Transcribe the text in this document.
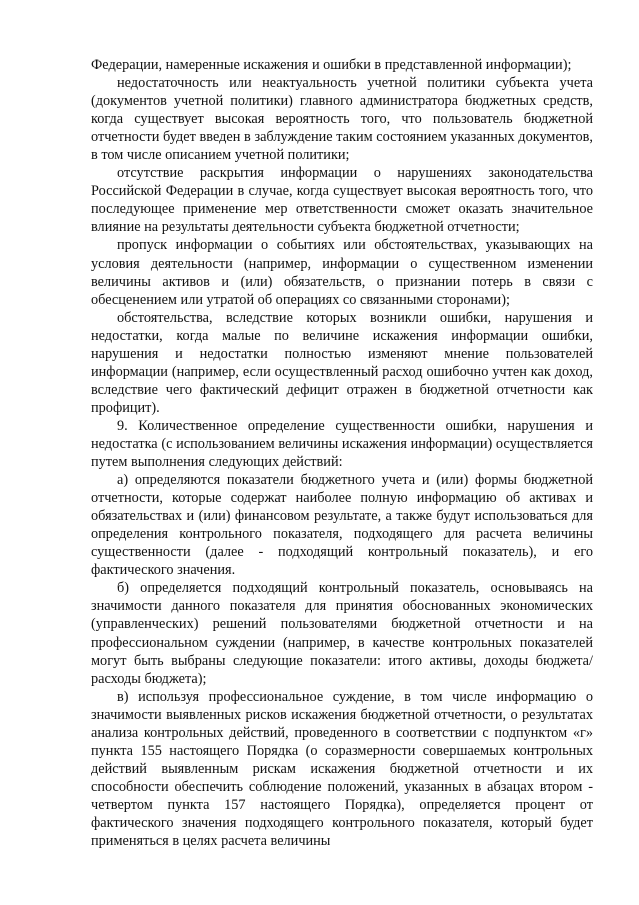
Федерации, намеренные искажения и ошибки в представленной информации);

недостаточность или неактуальность учетной политики субъекта учета (документов учетной политики) главного администратора бюджетных средств, когда существует высокая вероятность того, что пользователь бюджетной отчетности будет введен в заблуждение таким состоянием указанных документов, в том числе описанием учетной политики;

отсутствие раскрытия информации о нарушениях законодательства Российской Федерации в случае, когда существует высокая вероятность того, что последующее применение мер ответственности сможет оказать значительное влияние на результаты деятельности субъекта бюджетной отчетности;

пропуск информации о событиях или обстоятельствах, указывающих на условия деятельности (например, информации о существенном изменении величины активов и (или) обязательств, о признании потерь в связи с обесценением или утратой об операциях со связанными сторонами);

обстоятельства, вследствие которых возникли ошибки, нарушения и недостатки, когда малые по величине искажения информации ошибки, нарушения и недостатки полностью изменяют мнение пользователей информации (например, если осуществленный расход ошибочно учтен как доход, вследствие чего фактический дефицит отражен в бюджетной отчетности как профицит).

9. Количественное определение существенности ошибки, нарушения и недостатка (с использованием величины искажения информации) осуществляется путем выполнения следующих действий:

а) определяются показатели бюджетного учета и (или) формы бюджетной отчетности, которые содержат наиболее полную информацию об активах и обязательствах и (или) финансовом результате, а также будут использоваться для определения контрольного показателя, подходящего для расчета величины существенности (далее - подходящий контрольный показатель), и его фактического значения.

б) определяется подходящий контрольный показатель, основываясь на значимости данного показателя для принятия обоснованных экономических (управленческих) решений пользователями бюджетной отчетности и на профессиональном суждении (например, в качестве контрольных показателей могут быть выбраны следующие показатели: итого активы, доходы бюджета/расходы бюджета);

в) используя профессиональное суждение, в том числе информацию о значимости выявленных рисков искажения бюджетной отчетности, о результатах анализа контрольных действий, проведенного в соответствии с подпунктом «г» пункта 155 настоящего Порядка (о соразмерности совершаемых контрольных действий выявленным рискам искажения бюджетной отчетности и их способности обеспечить соблюдение положений, указанных в абзацах втором - четвертом пункта 157 настоящего Порядка), определяется процент от фактического значения подходящего контрольного показателя, который будет применяться в целях расчета величины
